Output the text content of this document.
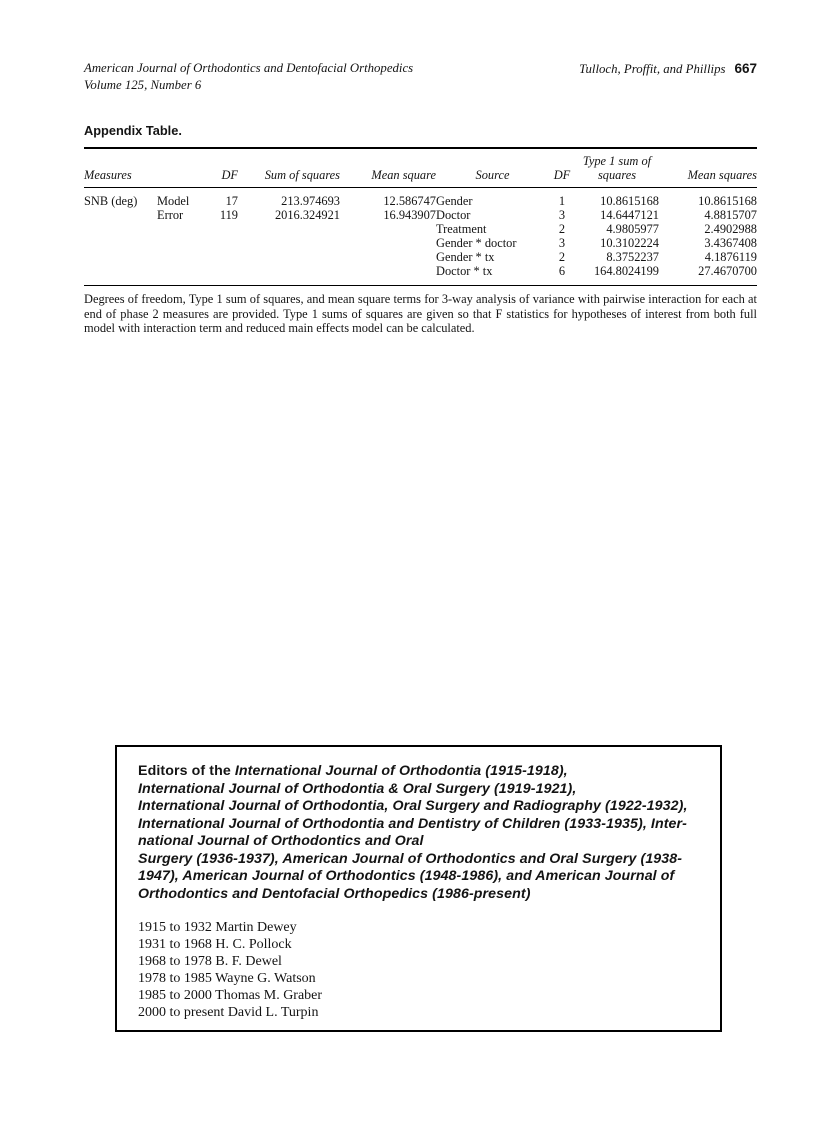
American Journal of Orthodontics and Dentofacial Orthopedics
Volume 125, Number 6
Tulloch, Proffit, and Phillips 667
Appendix Table.
Measures		DF	Sum of squares	Mean square	Source	DF	Type 1 sum of
squares	Mean squares
SNB (deg)	Model	17	213.974693	12.586747	Gender	1	10.8615168	10.8615168
	Error	119	2016.324921	16.943907	Doctor	3	14.6447121	4.8815707
					Treatment	2	4.9805977	2.4902988
					Gender * doctor	3	10.3102224	3.4367408
					Gender * tx	2	8.3752237	4.1876119
					Doctor * tx	6	164.8024199	27.4670700
Degrees of freedom, Type 1 sum of squares, and mean square terms for 3-way analysis of variance with pairwise interaction for each at end of phase 2 measures are provided. Type 1 sums of squares are given so that F statistics for hypotheses of interest from both full model with interaction term and reduced main effects model can be calculated.
Editors of the International Journal of Orthodontia (1915-1918),
International Journal of Orthodontia & Oral Surgery (1919-1921),
International Journal of Orthodontia, Oral Surgery and Radiography (1922-1932),
International Journal of Orthodontia and Dentistry of Children (1933-1935), Inter-
national Journal of Orthodontics and Oral
Surgery (1936-1937), American Journal of Orthodontics and Oral Surgery (1938-
1947), American Journal of Orthodontics (1948-1986), and American Journal of
Orthodontics and Dentofacial Orthopedics (1986-present)
1915 to 1932 Martin Dewey
1931 to 1968 H. C. Pollock
1968 to 1978 B. F. Dewel
1978 to 1985 Wayne G. Watson
1985 to 2000 Thomas M. Graber
2000 to present David L. Turpin
